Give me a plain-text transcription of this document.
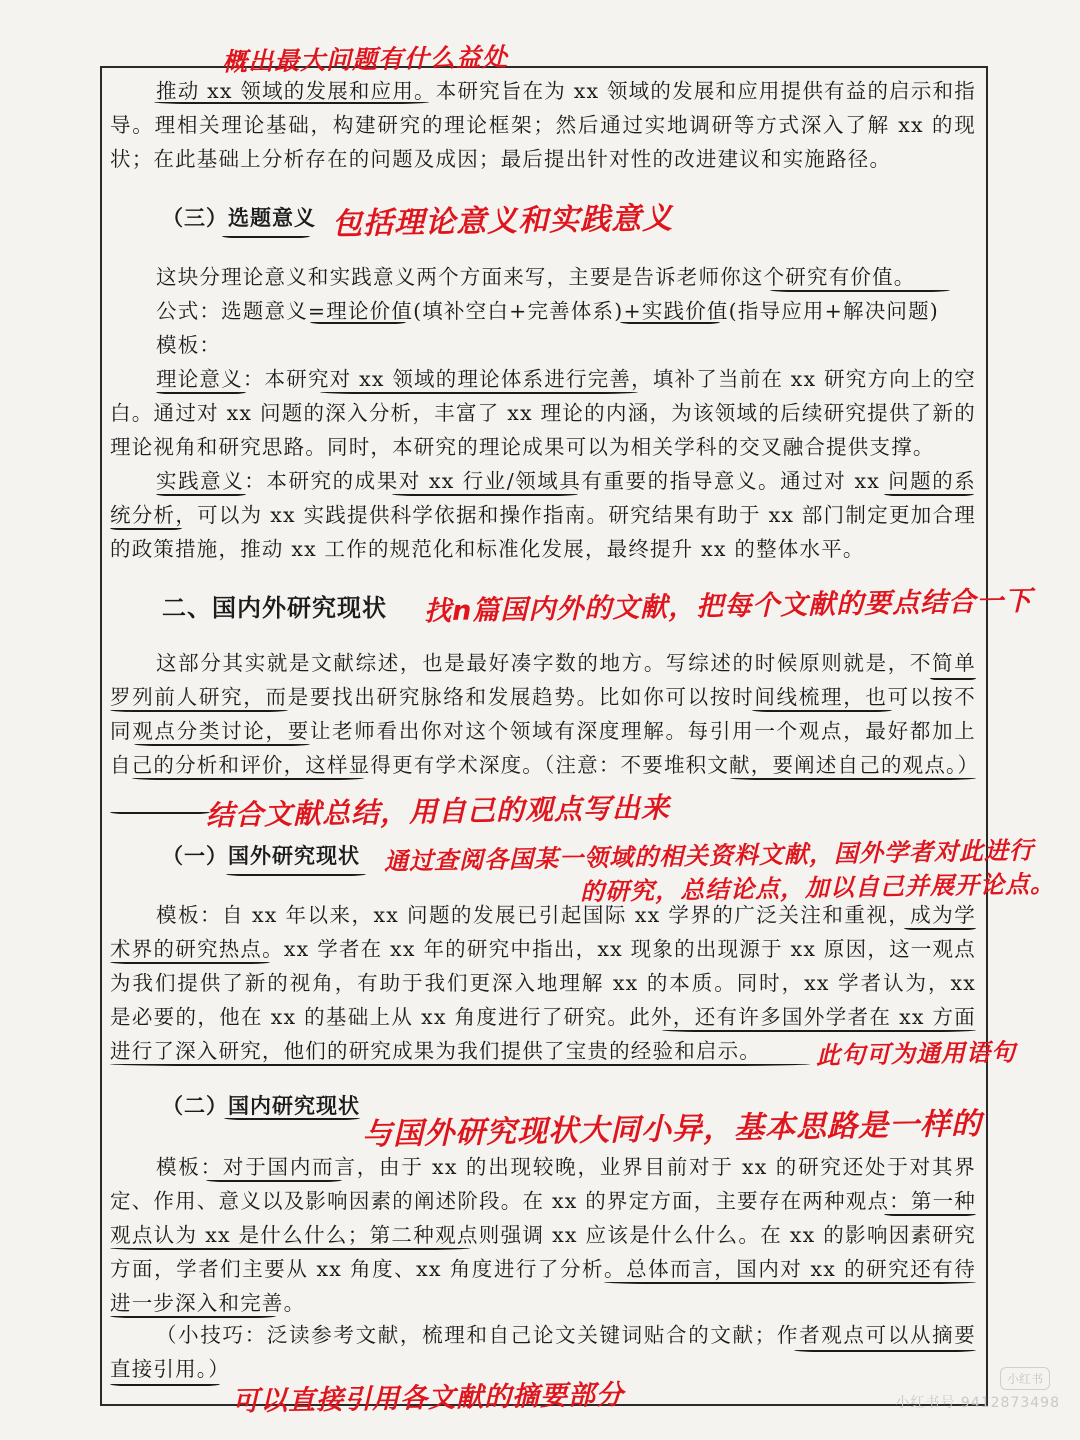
概出最大问题有什么益处
推动 xx 领域的发展和应用。本研究旨在为 xx 领域的发展和应用提供有益的启示和指导。理相关理论基础，构建研究的理论框架；然后通过实地调研等方式深入了解 xx 的现状；在此基础上分析存在的问题及成因；最后提出针对性的改进建议和实施路径。
（三）选题意义 包括理论意义和实践意义
这块分理论意义和实践意义两个方面来写，主要是告诉老师你这个研究有价值。
公式：选题意义=理论价值(填补空白+完善体系)+实践价值(指导应用+解决问题)
模板：
理论意义：本研究对 xx 领域的理论体系进行完善，填补了当前在 xx 研究方向上的空白。通过对 xx 问题的深入分析，丰富了 xx 理论的内涵，为该领域的后续研究提供了新的理论视角和研究思路。同时，本研究的理论成果可以为相关学科的交叉融合提供支撑。
实践意义：本研究的成果对 xx 行业/领域具有重要的指导意义。通过对 xx 问题的系统分析，可以为 xx 实践提供科学依据和操作指南。研究结果有助于 xx 部门制定更加合理的政策措施，推动 xx 工作的规范化和标准化发展，最终提升 xx 的整体水平。
二、国内外研究现状 找n篇国内外的文献，把每个文献的要点结合一下
这部分其实就是文献综述，也是最好凑字数的地方。写综述的时候原则就是，不简单罗列前人研究，而是要找出研究脉络和发展趋势。比如你可以按时间线梳理，也可以按不同观点分类讨论，要让老师看出你对这个领域有深度理解。每引用一个观点，最好都加上自己的分析和评价，这样显得更有学术深度。（注意：不要堆积文献，要阐述自己的观点。）
结合文献总结，用自己的观点写出来
（一）国外研究现状 通过查阅各国某一领域的相关资料文献，国外学者对此进行
的研究，总结论点，加以自己并展开论点。
模板：自 xx 年以来，xx 问题的发展已引起国际 xx 学界的广泛关注和重视，成为学术界的研究热点。xx 学者在 xx 年的研究中指出，xx 现象的出现源于 xx 原因，这一观点为我们提供了新的视角，有助于我们更深入地理解 xx 的本质。同时，xx 学者认为，xx 是必要的，他在 xx 的基础上从 xx 角度进行了研究。此外，还有许多国外学者在 xx 方面进行了深入研究，他们的研究成果为我们提供了宝贵的经验和启示。	此句可为通用语句
（二）国内研究现状
与国外研究现状大同小异，基本思路是一样的
模板：对于国内而言，由于 xx 的出现较晚，业界目前对于 xx 的研究还处于对其界定、作用、意义以及影响因素的阐述阶段。在 xx 的界定方面，主要存在两种观点：第一种观点认为 xx 是什么什么；第二种观点则强调 xx 应该是什么什么。在 xx 的影响因素研究方面，学者们主要从 xx 角度、xx 角度进行了分析。总体而言，国内对 xx 的研究还有待进一步深入和完善。
（小技巧：泛读参考文献，梳理和自己论文关键词贴合的文献；作者观点可以从摘要直接引用。）
可以直接引用各文献的摘要部分
小红书
小红书号 9412873498
